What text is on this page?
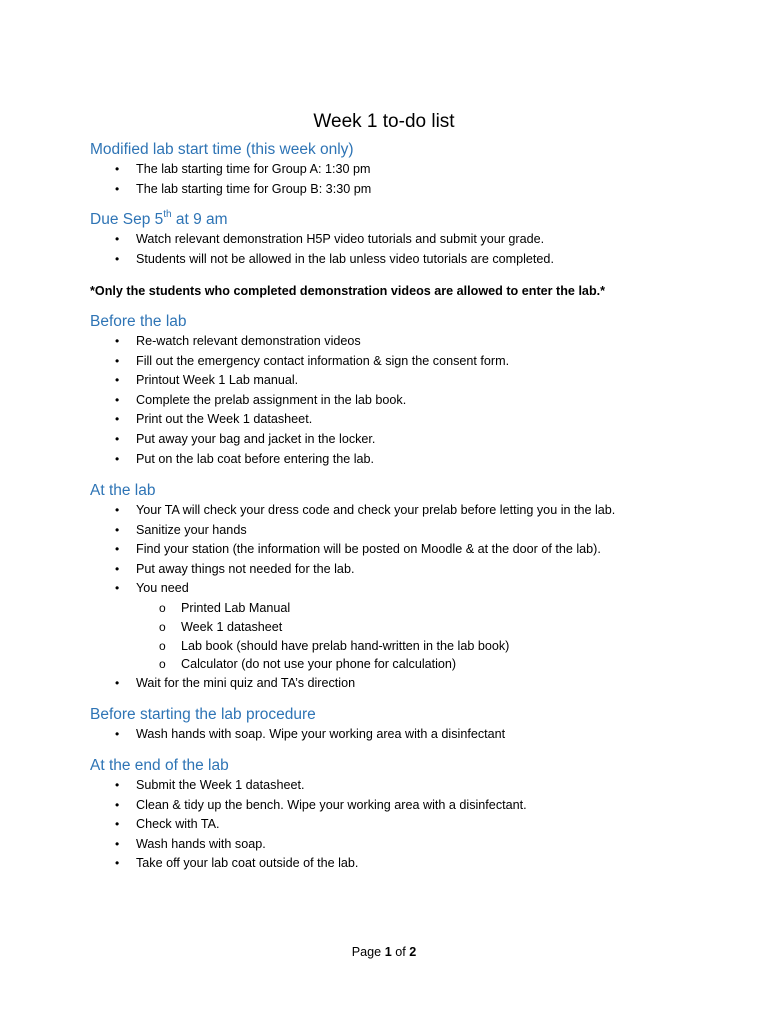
Week 1 to-do list
Modified lab start time (this week only)
• The lab starting time for Group A: 1:30 pm
• The lab starting time for Group B: 3:30 pm
Due Sep 5th at 9 am
• Watch relevant demonstration H5P video tutorials and submit your grade.
• Students will not be allowed in the lab unless video tutorials are completed.
*Only the students who completed demonstration videos are allowed to enter the lab.*
Before the lab
• Re-watch relevant demonstration videos
• Fill out the emergency contact information & sign the consent form.
• Printout Week 1 Lab manual.
• Complete the prelab assignment in the lab book.
• Print out the Week 1 datasheet.
• Put away your bag and jacket in the locker.
• Put on the lab coat before entering the lab.
At the lab
• Your TA will check your dress code and check your prelab before letting you in the lab.
• Sanitize your hands
• Find your station (the information will be posted on Moodle & at the door of the lab).
• Put away things not needed for the lab.
• You need
o Printed Lab Manual
o Week 1 datasheet
o Lab book (should have prelab hand-written in the lab book)
o Calculator (do not use your phone for calculation)
• Wait for the mini quiz and TA’s direction
Before starting the lab procedure
• Wash hands with soap. Wipe your working area with a disinfectant
At the end of the lab
• Submit the Week 1 datasheet.
• Clean & tidy up the bench. Wipe your working area with a disinfectant.
• Check with TA.
• Wash hands with soap.
• Take off your lab coat outside of the lab.
Page 1 of 2
